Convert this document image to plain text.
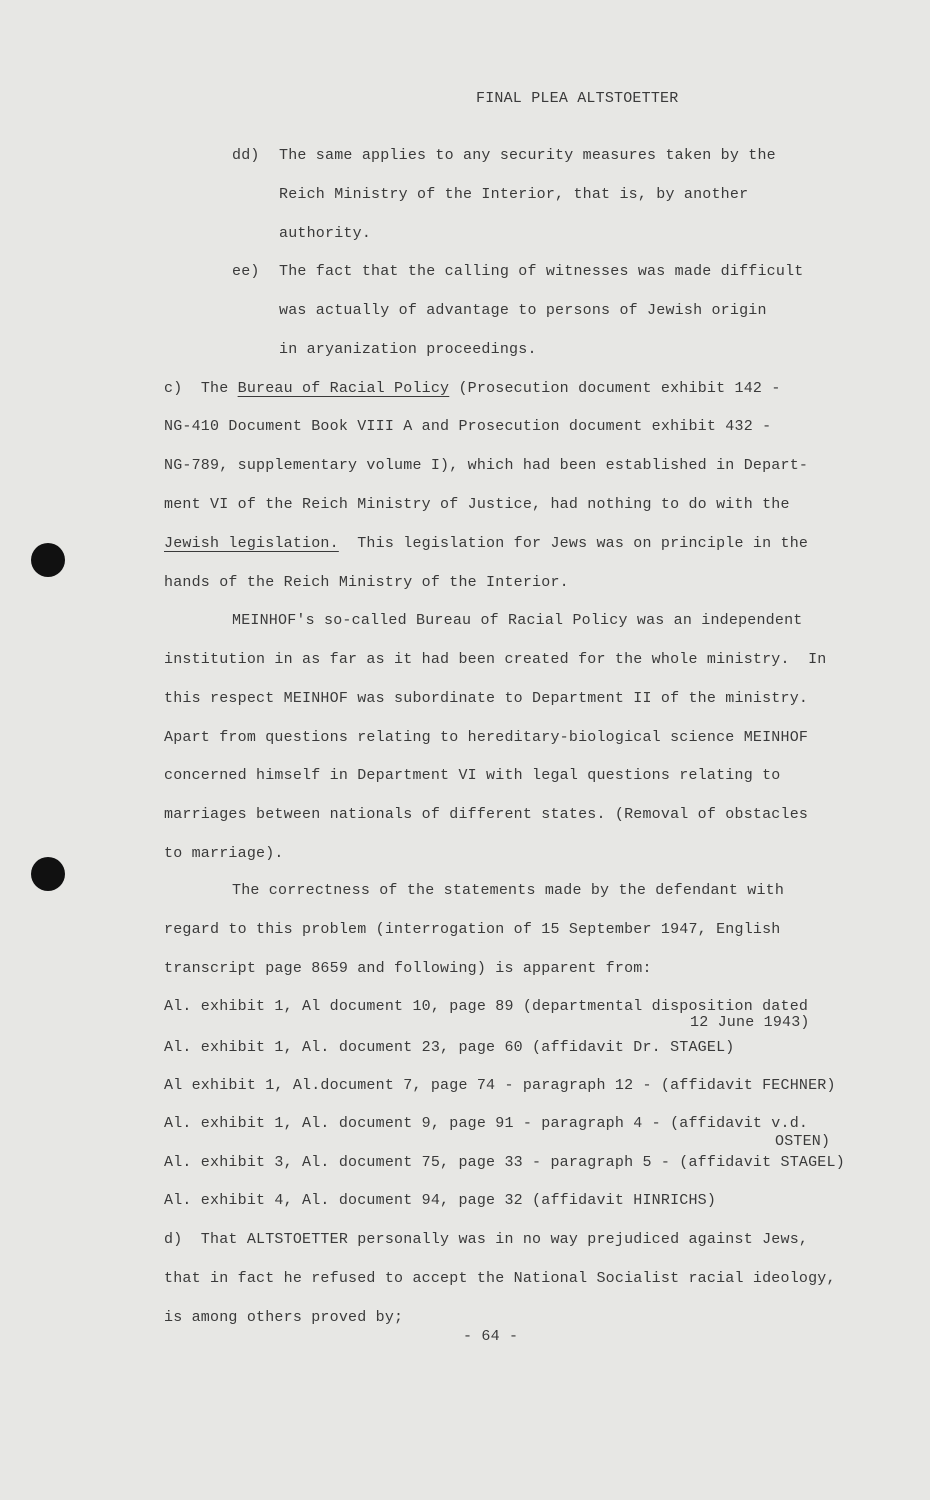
FINAL PLEA ALTSTOETTER
dd) The same applies to any security measures taken by the
Reich Ministry of the Interior, that is, by another
authority.
ee) The fact that the calling of witnesses was made difficult
was actually of advantage to persons of Jewish origin
in aryanization proceedings.
c) The Bureau of Racial Policy (Prosecution document exhibit 142 -
NG-410 Document Book VIII A and Prosecution document exhibit 432 -
NG-789, supplementary volume I), which had been established in Depart-
ment VI of the Reich Ministry of Justice, had nothing to do with the
Jewish legislation.  This legislation for Jews was on principle in the
hands of the Reich Ministry of the Interior.
MEINHOF's so-called Bureau of Racial Policy was an independent
institution in as far as it had been created for the whole ministry.  In
this respect MEINHOF was subordinate to Department II of the ministry.
Apart from questions relating to hereditary-biological science MEINHOF
concerned himself in Department VI with legal questions relating to
marriages between nationals of different states. (Removal of obstacles
to marriage).
The correctness of the statements made by the defendant with
regard to this problem (interrogation of 15 September 1947, English
transcript page 8659 and following) is apparent from:
Al. exhibit 1, Al document 10, page 89 (departmental disposition dated
12 June 1943)
Al. exhibit 1, Al. document 23, page 60 (affidavit Dr. STAGEL)
Al exhibit 1, Al.document 7, page 74 - paragraph 12 - (affidavit FECHNER)
Al. exhibit 1, Al. document 9, page 91 - paragraph 4 - (affidavit v.d.
OSTEN)
Al. exhibit 3, Al. document 75, page 33 - paragraph 5 - (affidavit STAGEL)
Al. exhibit 4, Al. document 94, page 32 (affidavit HINRICHS)
d)  That ALTSTOETTER personally was in no way prejudiced against Jews,
that in fact he refused to accept the National Socialist racial ideology,
is among others proved by;
- 64 -
